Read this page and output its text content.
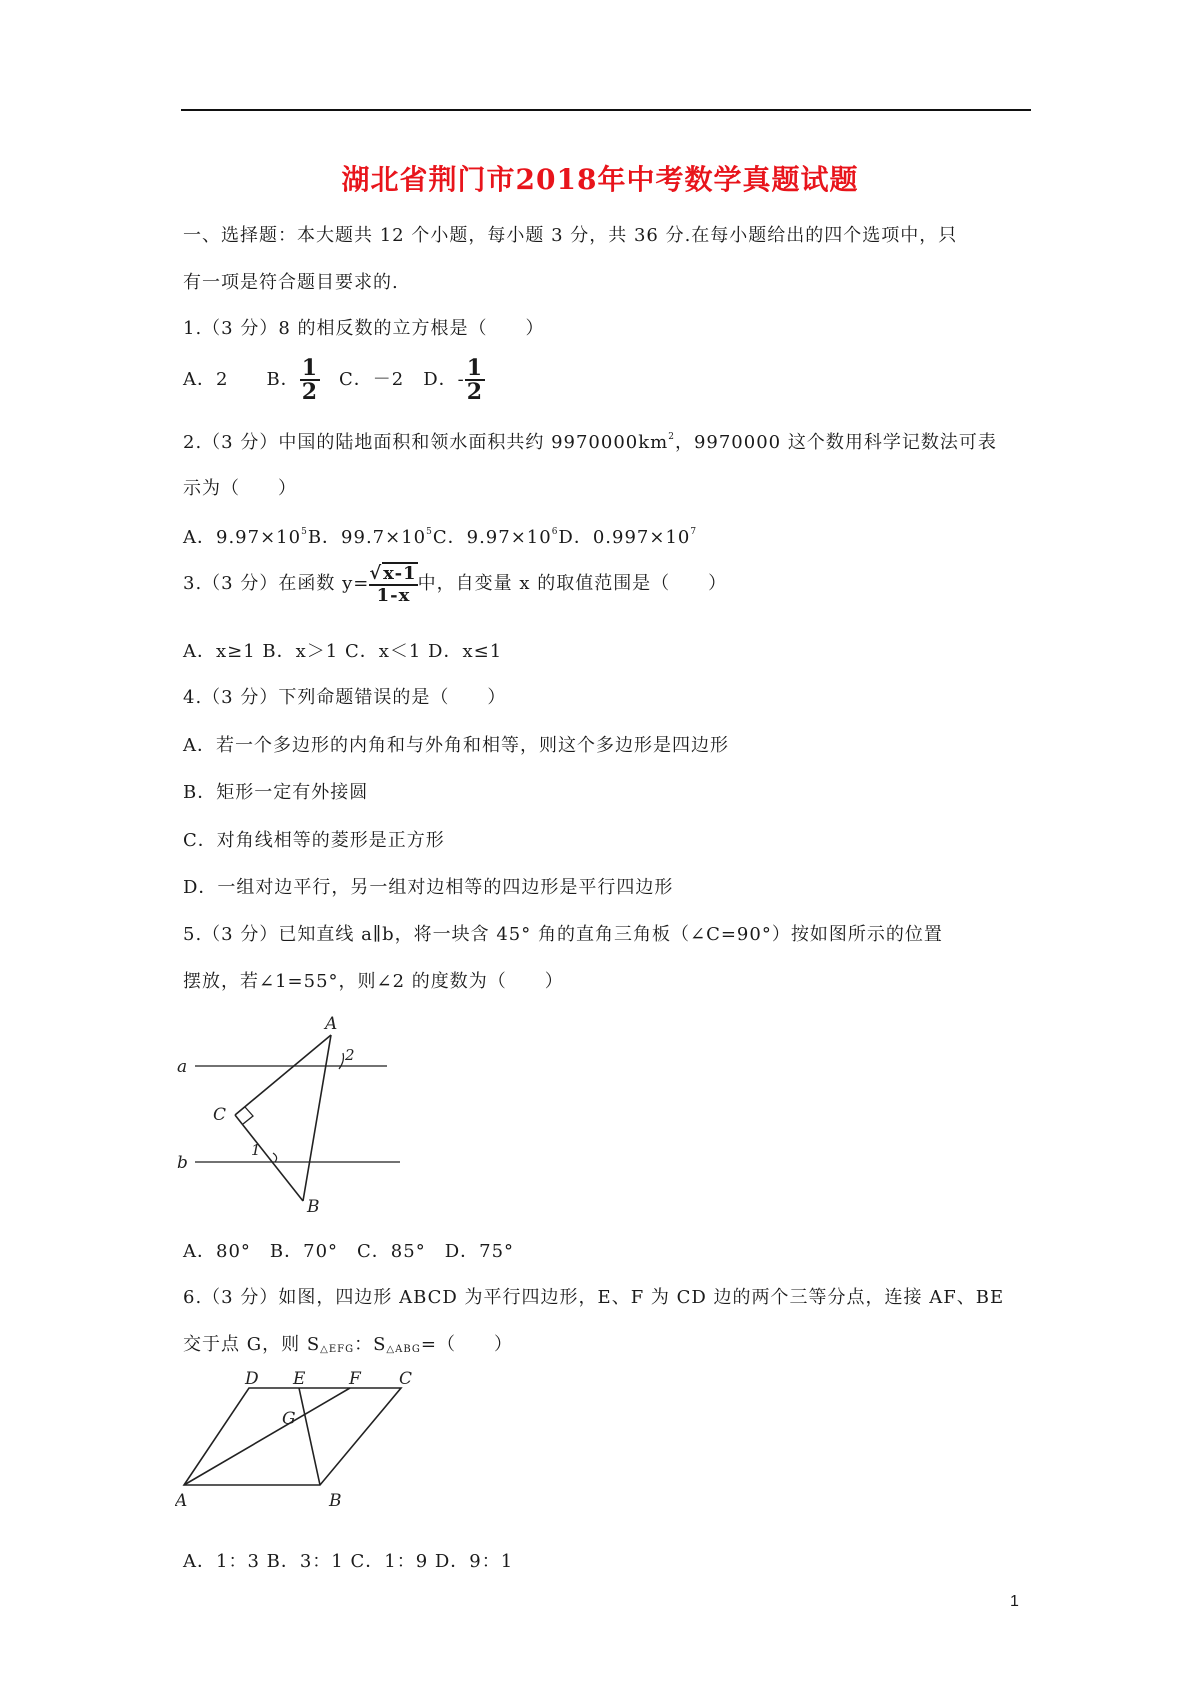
湖北省荆门市2018年中考数学真题试题
一、选择题：本大题共 12 个小题，每小题 3 分，共 36 分.在每小题给出的四个选项中，只
有一项是符合题目要求的.
1.（3 分）8 的相反数的立方根是（　　）
A．2　　B． $\frac{1}{2}$ 　C．－2　D．- $\frac{1}{2}$
2.（3 分）中国的陆地面积和领水面积共约 $9970000km^2$，9970000 这个数用科学记数法可表
示为（　　）
A．$9.97\times 10^5B$．$99.7\times 10^5C$．$9.97\times 10^6D$．$0.997\times 10^7$
3.（3 分）在函数 $y= \frac{√x-1}{1-x}$中，自变量 x 的取值范围是（　　）
A．x≥1 B．x＞1 C．x＜1 D．x≤1
4.（3 分）下列命题错误的是（　　）
A．若一个多边形的内角和与外角和相等，则这个多边形是四边形
B．矩形一定有外接圆
C．对角线相等的菱形是正方形
D．一组对边平行，另一组对边相等的四边形是平行四边形
5.（3 分）已知直线 a∥b，将一块含 45° 角的直角三角板（∠C=90°）按如图所示的位置
摆放，若∠1=55°，则∠2 的度数为（　　）
a
b
A
B
C
1
2
A．80°　B．70°　C．85°　D．75°
6.（3 分）如图，四边形 ABCD 为平行四边形，E、F 为 CD 边的两个三等分点，连接 AF、BE
交于点 G，则 $S_{\triangle EFG}$：$S_{\triangle ABG}=$（　　）
A	B
C
D E	F
G
A．1：3 B．3：1 C．1：9 D．9：1
1
